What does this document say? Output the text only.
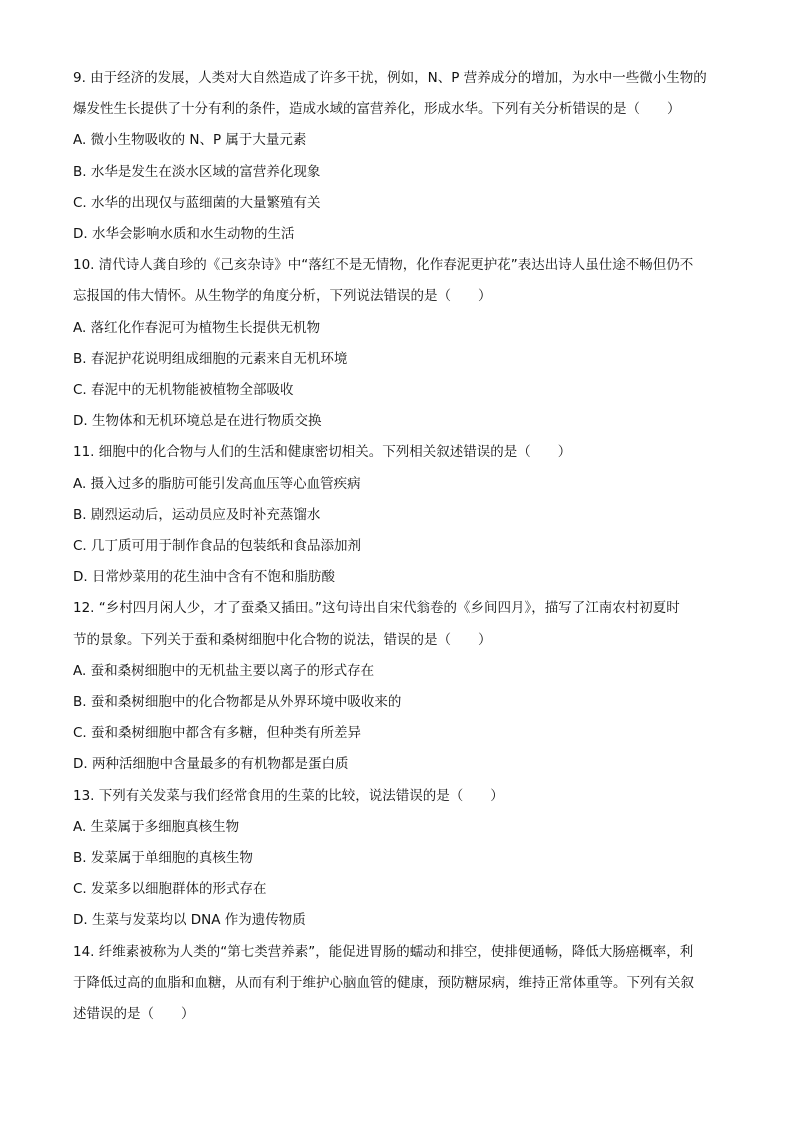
9. 由于经济的发展，人类对大自然造成了许多干扰，例如，N、P 营养成分的增加，为水中一些微小生物的
爆发性生长提供了十分有利的条件，造成水域的富营养化，形成水华。下列有关分析错误的是（　　）
A. 微小生物吸收的 N、P 属于大量元素
B. 水华是发生在淡水区域的富营养化现象
C. 水华的出现仅与蓝细菌的大量繁殖有关
D. 水华会影响水质和水生动物的生活
10. 清代诗人龚自珍的《己亥杂诗》中“落红不是无情物，化作春泥更护花”表达出诗人虽仕途不畅但仍不
忘报国的伟大情怀。从生物学的角度分析，下列说法错误的是（　　）
A. 落红化作春泥可为植物生长提供无机物
B. 春泥护花说明组成细胞的元素来自无机环境
C. 春泥中的无机物能被植物全部吸收
D. 生物体和无机环境总是在进行物质交换
11. 细胞中的化合物与人们的生活和健康密切相关。下列相关叙述错误的是（　　）
A. 摄入过多的脂肪可能引发高血压等心血管疾病
B. 剧烈运动后，运动员应及时补充蒸馏水
C. 几丁质可用于制作食品的包装纸和食品添加剂
D. 日常炒菜用的花生油中含有不饱和脂肪酸
12. “乡村四月闲人少，才了蚕桑又插田。”这句诗出自宋代翁卷的《乡间四月》，描写了江南农村初夏时
节的景象。下列关于蚕和桑树细胞中化合物的说法，错误的是（　　）
A. 蚕和桑树细胞中的无机盐主要以离子的形式存在
B. 蚕和桑树细胞中的化合物都是从外界环境中吸收来的
C. 蚕和桑树细胞中都含有多糖，但种类有所差异
D. 两种活细胞中含量最多的有机物都是蛋白质
13. 下列有关发菜与我们经常食用的生菜的比较，说法错误的是（　　）
A. 生菜属于多细胞真核生物
B. 发菜属于单细胞的真核生物
C. 发菜多以细胞群体的形式存在
D. 生菜与发菜均以 DNA 作为遗传物质
14. 纤维素被称为人类的“第七类营养素”，能促进胃肠的蠕动和排空，使排便通畅，降低大肠癌概率，利
于降低过高的血脂和血糖，从而有利于维护心脑血管的健康，预防糖尿病，维持正常体重等。下列有关叙
述错误的是（　　）
